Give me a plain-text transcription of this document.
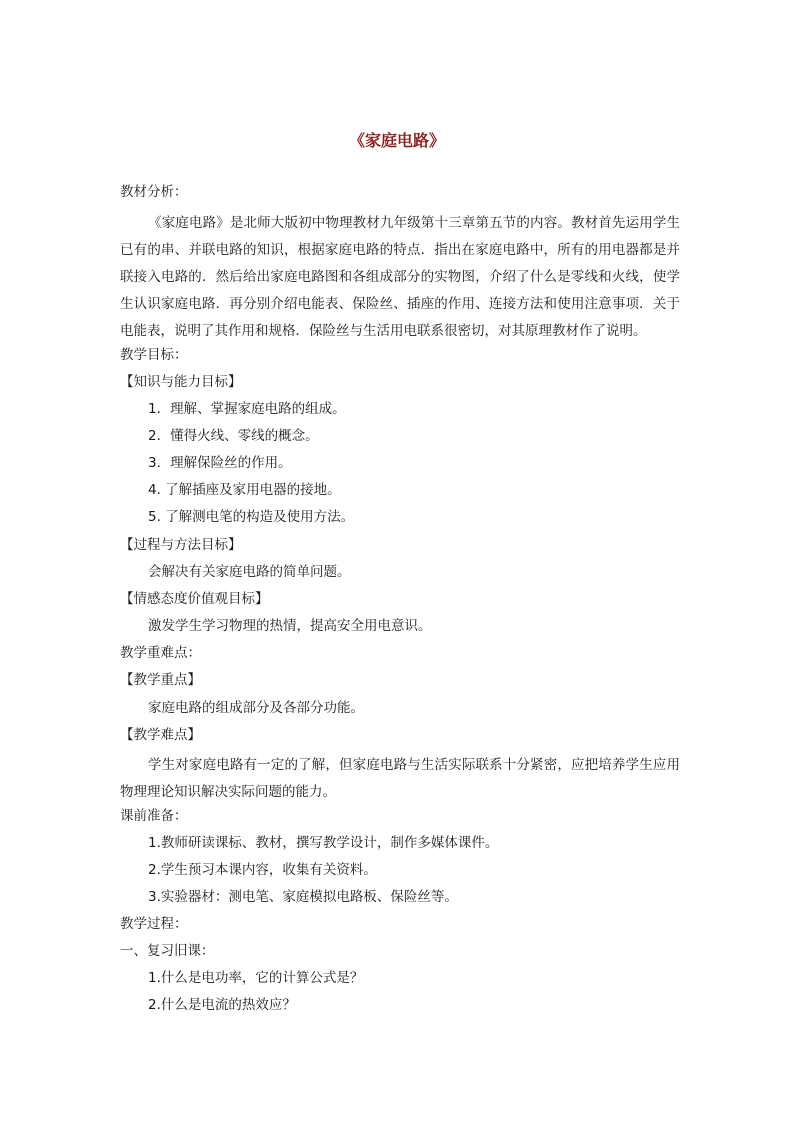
《家庭电路》
教材分析：
《家庭电路》是北师大版初中物理教材九年级第十三章第五节的内容。教材首先运用学生已有的串、并联电路的知识，根据家庭电路的特点．指出在家庭电路中，所有的用电器都是并联接入电路的．然后给出家庭电路图和各组成部分的实物图，介绍了什么是零线和火线，使学生认识家庭电路．再分别介绍电能表、保险丝、插座的作用、连接方法和使用注意事项．关于电能表，说明了其作用和规格．保险丝与生活用电联系很密切，对其原理教材作了说明。
教学目标：
【知识与能力目标】
1．理解、掌握家庭电路的组成。
2．懂得火线、零线的概念。
3．理解保险丝的作用。
4. 了解插座及家用电器的接地。
5. 了解测电笔的构造及使用方法。
【过程与方法目标】
会解决有关家庭电路的简单问题。
【情感态度价值观目标】
激发学生学习物理的热情，提高安全用电意识。
教学重难点：
【教学重点】
家庭电路的组成部分及各部分功能。
【教学难点】
学生对家庭电路有一定的了解，但家庭电路与生活实际联系十分紧密，应把培养学生应用物理理论知识解决实际问题的能力。
课前准备：
1.教师研读课标、教材，撰写教学设计，制作多媒体课件。
2.学生预习本课内容，收集有关资料。
3.实验器材：测电笔、家庭模拟电路板、保险丝等。
教学过程：
一、复习旧课：
1.什么是电功率，它的计算公式是？
2.什么是电流的热效应？
